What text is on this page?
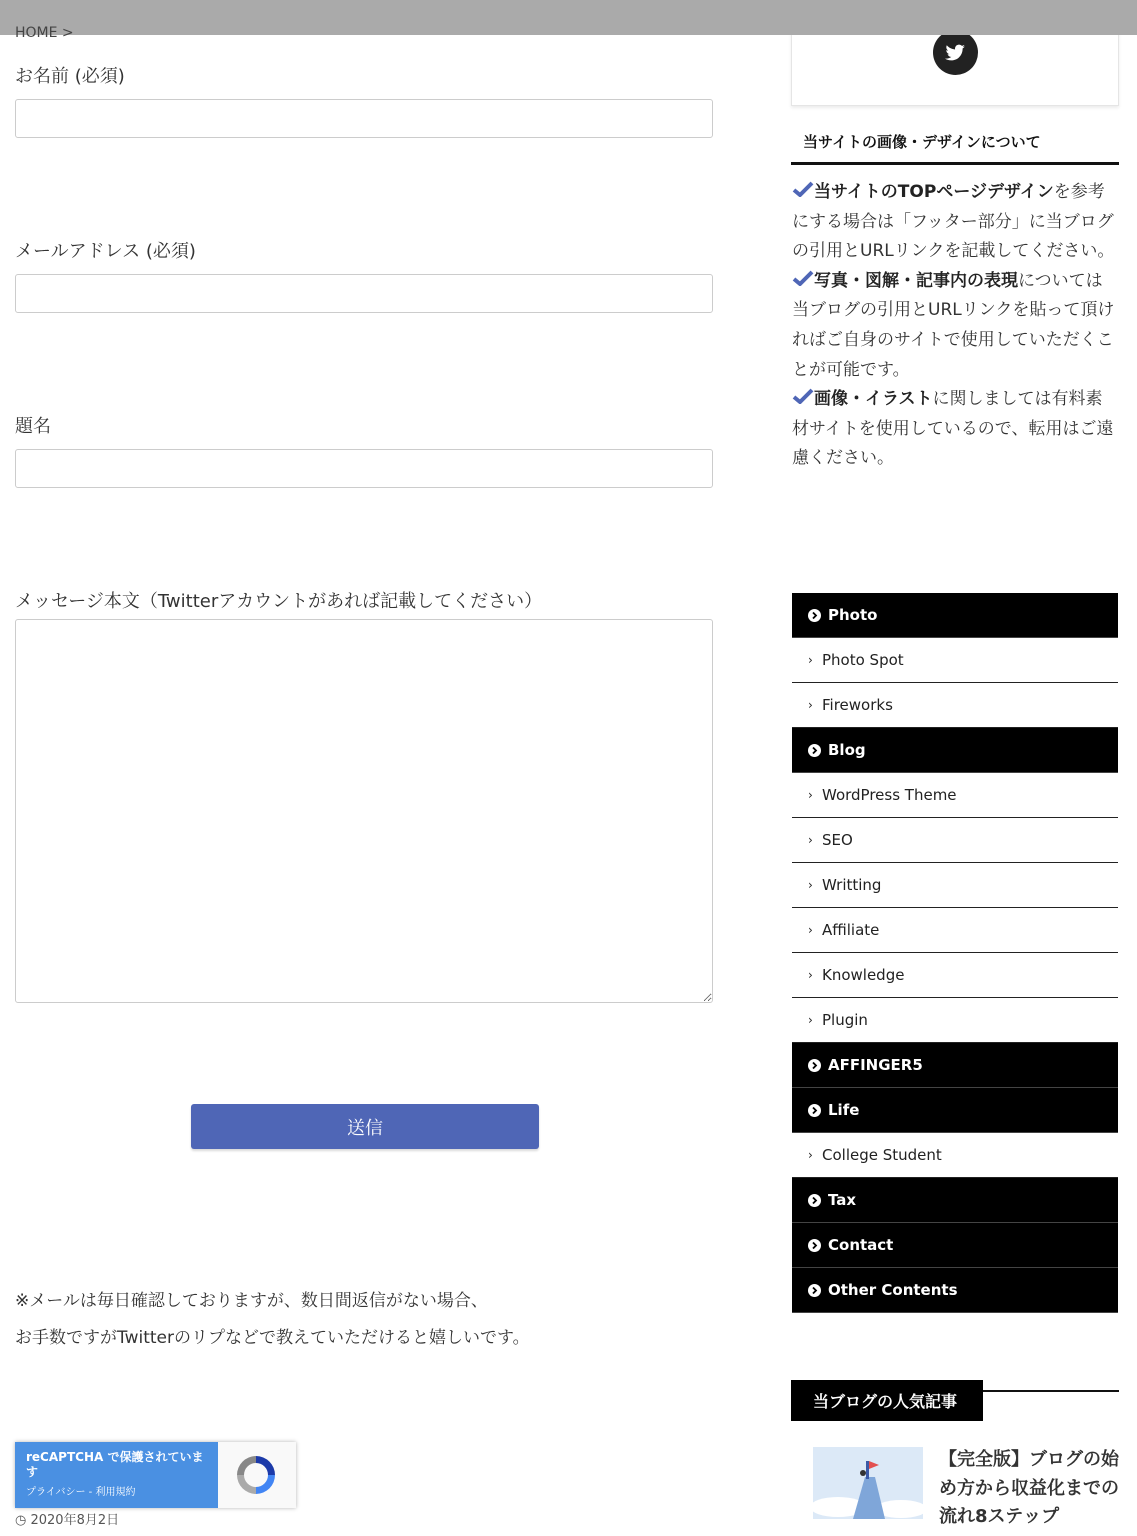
HOME >
お名前 (必須)
メールアドレス (必須)
題名
メッセージ本文（Twitterアカウントがあれば記載してください）
送信
※メールは毎日確認しておりますが、数日間返信がない場合、
お手数ですがTwitterのリプなどで教えていただけると嬉しいです。
reCAPTCHA で保護されています
プライバシー - 利用規約
◷ 2020年8月2日
当サイトの画像・デザインについて
当サイトのTOPページデザインを参考にする場合は「フッター部分」に当ブログの引用とURLリンクを記載してください。
写真・図解・記事内の表現については当ブログの引用とURLリンクを貼って頂ければご自身のサイトで使用していただくことが可能です。
画像・イラストに関しましては有料素材サイトを使用しているので、転用はご遠慮ください。
Photo
› Photo Spot
› Fireworks
Blog
› WordPress Theme
› SEO
› Writting
› Affiliate
› Knowledge
› Plugin
AFFINGER5
Life
› College Student
Tax
Contact
Other Contents
当ブログの人気記事
【完全版】ブログの始め方から収益化までの流れ8ステップ
